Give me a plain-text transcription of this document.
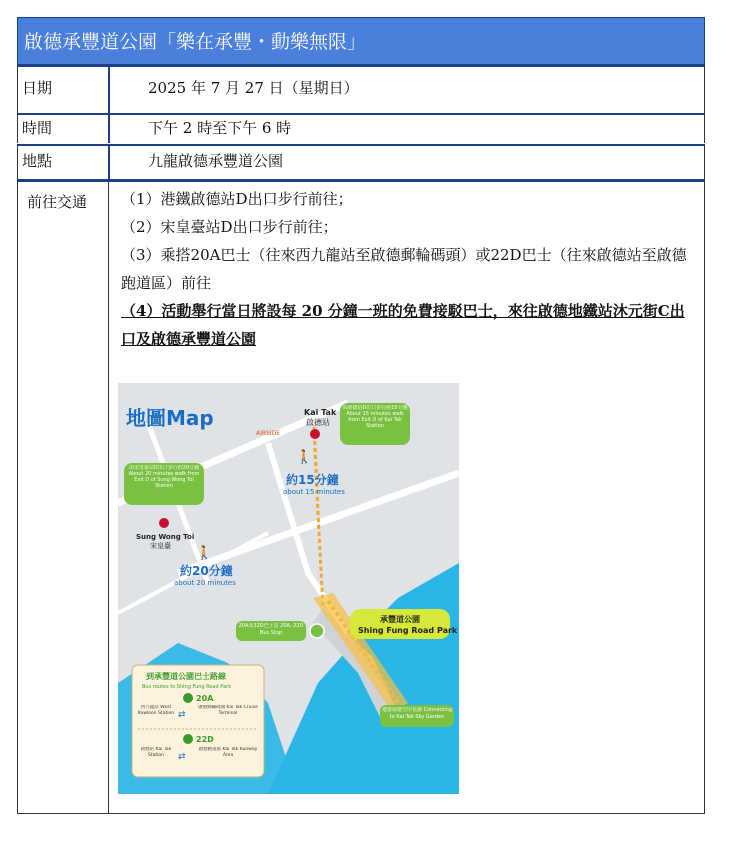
啟德承豐道公園「樂在承豐・動樂無限」
日期	2025 年 7 月 27 日（星期日）
時間	下午 2 時至下午 6 時
地點	九龍啟德承豐道公園
前往交通 （1）港鐵啟德站D出口步行前往；

（2）宋皇臺站D出口步行前往；

（3）乘搭20A巴士（往來西九龍站至啟德郵輪碼頭）或22D巴士（往來啟德站至啟德跑道區）前往

（4）活動舉行當日將設每 20 分鐘一班的免費接駁巴士，來往啟德地鐵站沐元街C出口及啟德承豐道公園

地圖Map	Kai Tak
啟德站
由啟德站D出口步行約15分鐘 About 15 minutes walk from Exit D of Kai Tak Station
AIRSIDE
🚶
約15分鐘
about 15 minutes
由宋皇臺站D出口步行約20分鐘 About 20 minutes walk from Exit D of Sung Wong Toi Station
Sung Wong Toi
宋皇臺 🚶
約20分鐘
about 20 minutes
20A及22D巴士站 20A, 22D Bus Stop
承豐道公園
Shing Fung Road Park
連接啟德空中花園 Connecting to Kai Tak Sky Garden
到承豐道公園巴士路線
Bus routes to Shing Fung Road Park
20A
西九龍站 West Kowloon Station ⇄
啟德郵輪碼頭 Kai Tak Cruise Terminal
22D
啟德站 Kai Tak Station	⇄
啟德跑道區 Kai Tak Runway Area
